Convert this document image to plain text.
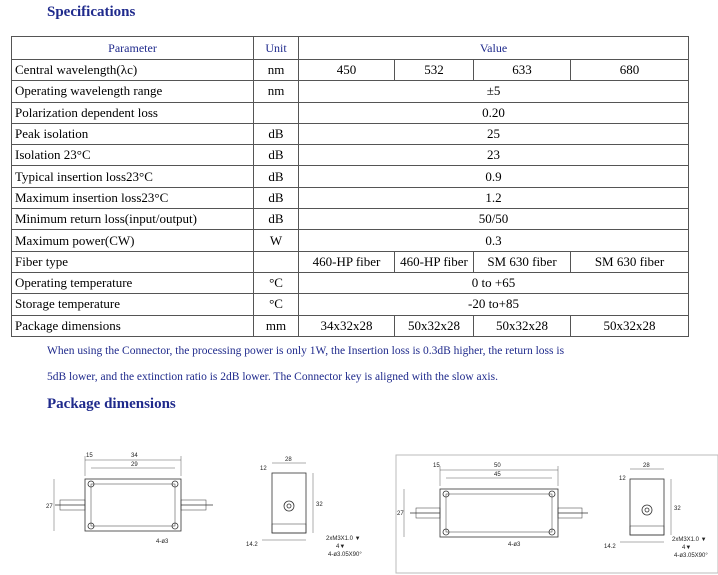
Specifications
Parameter	Unit	Value			
Central wavelength(λc)	nm	450	532	633	680
Operating wavelength range	nm	±5			
Polarization dependent loss		0.20			
Peak isolation	dB	25			
Isolation 23°C	dB	23			
Typical insertion loss23°C	dB	0.9			
Maximum insertion loss23°C	dB	1.2			
Minimum return loss(input/output)	dB	50/50			
Maximum power(CW)	W	0.3			
Fiber type		460-HP fiber	460-HP fiber	SM 630 fiber	SM 630 fiber
Operating temperature	°C	0 to +65			
Storage temperature	°C	-20 to+85			
Package dimensions	mm	34x32x28	50x32x28	50x32x28	50x32x28
When using the Connector, the processing power is only 1W, the Insertion loss is 0.3dB higher, the return loss is
5dB lower, and the extinction ratio is 2dB lower. The Connector key is aligned with the slow axis.
Package dimensions
34
29
15
27
4-ø3
28
32
14.2
12
2xM3X1.0 ▼
4▼
4-ø3.05X90°
50
45
15
27
4-ø3
28
32
14.2
12
2xM3X1.0 ▼
4▼
4-ø3.05X90°
